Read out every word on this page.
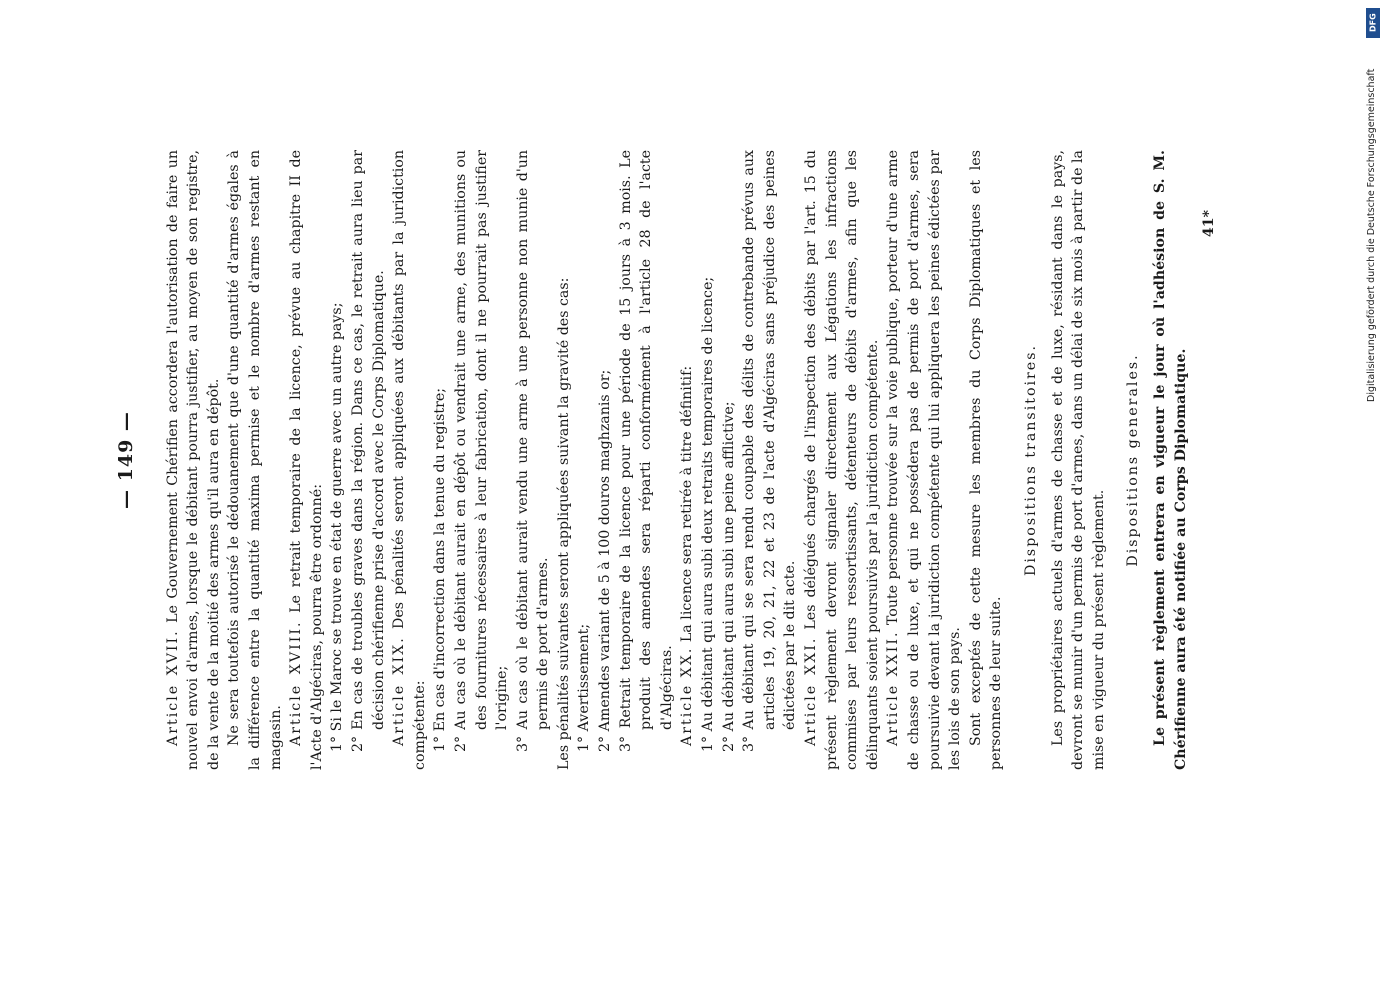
— 149 —

Article XVII. Le Gouvernement Chérifien accordera l'autorisation de faire un nouvel envoi d'armes, lorsque le débitant pourra justifier, au moyen de son registre, de la vente de la moitié des armes qu'il aura en dépôt. Ne sera toutefois autorisé le dédouanement que d'une quantité d'armes égales à la différence entre la quantité maxima permise et le nombre d'armes restant en magasin. Article XVIII. Le retrait temporaire de la licence, prévue au chapitre II de l'Acte d'Algéciras, pourra être ordonné: 1° Si le Maroc se trouve en état de guerre avec un autre pays; 2° En cas de troubles graves dans la région. Dans ce cas, le retrait aura lieu par décision chérifienne prise d'accord avec le Corps Diplomatique. Article XIX. Des pénalités seront appliquées aux débitants par la juridiction compétente: 1° En cas d'incorrection dans la tenue du registre; 2° Au cas où le débitant aurait en dépôt ou vendrait une arme, des munitions ou des fournitures nécessaires à leur fabrication, dont il ne pourrait pas justifier l'origine; 3° Au cas où le débitant aurait vendu une arme à une personne non munie d'un permis de port d'armes. Les pénalités suivantes seront appliquées suivant la gravité des cas: 1° Avertissement; 2° Amendes variant de 5 à 100 douros maghzanis or; 3° Retrait temporaire de la licence pour une période de 15 jours à 3 mois. Le produit des amendes sera réparti conformément à l'article 28 de l'acte d'Algéciras. Article XX. La licence sera retirée à titre définitif: 1° Au débitant qui aura subi deux retraits temporaires de licence; 2° Au débitant qui aura subi une peine afflictive; 3° Au débitant qui se sera rendu coupable des délits de contrebande prévus aux articles 19, 20, 21, 22 et 23 de l'acte d'Algéciras sans préjudice des peines édictées par le dit acte. Article XXI. Les délégués chargés de l'inspection des débits par l'art. 15 du présent règlement devront signaler directement aux Légations les infractions commises par leurs ressortissants, détenteurs de débits d'armes, afin que les délinquants soient poursuivis par la juridiction compétente. Article XXII. Toute personne trouvée sur la voie publique, porteur d'une arme de chasse ou de luxe, et qui ne possédera pas de permis de port d'armes, sera poursuivie devant la juridiction compétente qui lui appliquera les peines édictées par les lois de son pays. Sont exceptés de cette mesure les membres du Corps Diplomatiques et les personnes de leur suite.

Dispositions transitoires. Les propriétaires actuels d'armes de chasse et de luxe, résidant dans le pays, devront se munir d'un permis de port d'armes, dans un délai de six mois à partir de la mise en vigueur du présent règlement.

Dispositions generales. Le présent règlement entrera en vigueur le jour où l'adhésion de S. M. Chérifienne aura été notifiée au Corps Diplomatique.

41*
DFG
Digitalisierung gefördert durch die Deutsche Forschungsgemeinschaft
